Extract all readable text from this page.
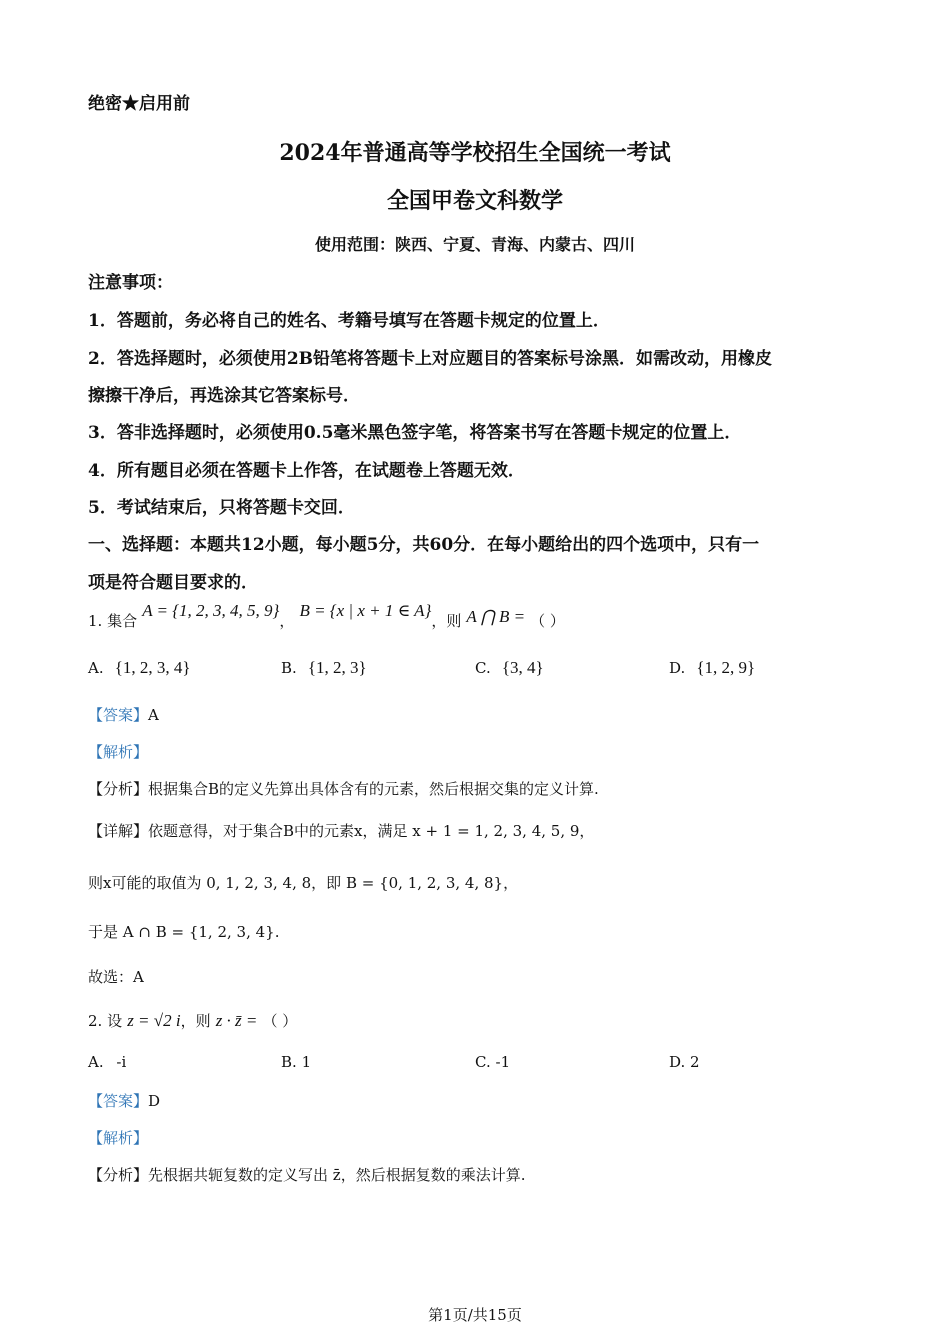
绝密★启用前
2024年普通高等学校招生全国统一考试
全国甲卷文科数学
使用范围：陕西、宁夏、青海、内蒙古、四川
注意事项：
1．答题前，务必将自己的姓名、考籍号填写在答题卡规定的位置上．
2．答选择题时，必须使用2B铅笔将答题卡上对应题目的答案标号涂黑．如需改动，用橡皮
擦擦干净后，再选涂其它答案标号．
3．答非选择题时，必须使用0.5毫米黑色签字笔，将答案书写在答题卡规定的位置上．
4．所有题目必须在答题卡上作答，在试题卷上答题无效．
5．考试结束后，只将答题卡交回．
一、选择题：本题共12小题，每小题5分，共60分．在每小题给出的四个选项中，只有一
项是符合题目要求的．
1. 集合 A = {1, 2, 3, 4, 5, 9}， B = {x | x + 1 ∈ A}，则 A ⋂ B = （ ）
A. {1, 2, 3, 4}	B. {1, 2, 3}	C. {3, 4}	D. {1, 2, 9}
【答案】A
【解析】
【分析】根据集合B的定义先算出具体含有的元素，然后根据交集的定义计算.
【详解】依题意得，对于集合B中的元素x，满足 x + 1 = 1, 2, 3, 4, 5, 9，
则x可能的取值为 0, 1, 2, 3, 4, 8，即 B = {0, 1, 2, 3, 4, 8}，
于是 A ∩ B = {1, 2, 3, 4}.
故选：A
2. 设 z = √2 i，则 z · z̄ = （ ）
A. -i	B. 1	C. -1	D. 2
【答案】D
【解析】
【分析】先根据共轭复数的定义写出 z̄，然后根据复数的乘法计算.
第1页/共15页
